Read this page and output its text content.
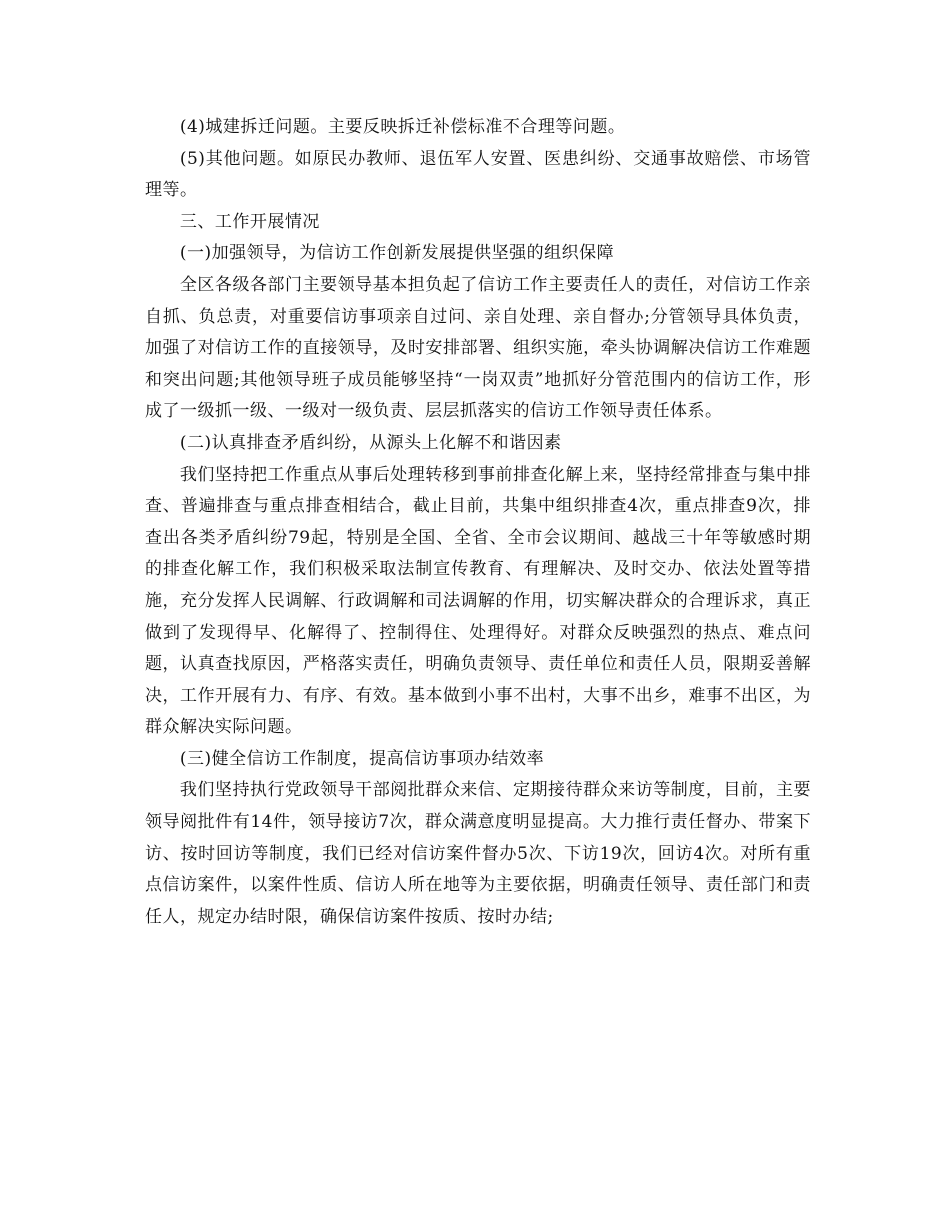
(4)城建拆迁问题。主要反映拆迁补偿标准不合理等问题。

(5)其他问题。如原民办教师、退伍军人安置、医患纠纷、交通事故赔偿、市场管理等。

三、工作开展情况

(一)加强领导，为信访工作创新发展提供坚强的组织保障

全区各级各部门主要领导基本担负起了信访工作主要责任人的责任，对信访工作亲自抓、负总责，对重要信访事项亲自过问、亲自处理、亲自督办;分管领导具体负责，加强了对信访工作的直接领导，及时安排部署、组织实施，牵头协调解决信访工作难题和突出问题;其他领导班子成员能够坚持“一岗双责”地抓好分管范围内的信访工作，形成了一级抓一级、一级对一级负责、层层抓落实的信访工作领导责任体系。

(二)认真排查矛盾纠纷，从源头上化解不和谐因素

我们坚持把工作重点从事后处理转移到事前排查化解上来，坚持经常排查与集中排查、普遍排查与重点排查相结合，截止目前，共集中组织排查4次，重点排查9次，排查出各类矛盾纠纷79起，特别是全国、全省、全市会议期间、越战三十年等敏感时期的排查化解工作，我们积极采取法制宣传教育、有理解决、及时交办、依法处置等措施，充分发挥人民调解、行政调解和司法调解的作用，切实解决群众的合理诉求，真正做到了发现得早、化解得了、控制得住、处理得好。对群众反映强烈的热点、难点问题，认真查找原因，严格落实责任，明确负责领导、责任单位和责任人员，限期妥善解决，工作开展有力、有序、有效。基本做到小事不出村，大事不出乡，难事不出区，为群众解决实际问题。

(三)健全信访工作制度，提高信访事项办结效率

我们坚持执行党政领导干部阅批群众来信、定期接待群众来访等制度，目前，主要领导阅批件有14件，领导接访7次，群众满意度明显提高。大力推行责任督办、带案下访、按时回访等制度，我们已经对信访案件督办5次、下访19次，回访4次。对所有重点信访案件，以案件性质、信访人所在地等为主要依据，明确责任领导、责任部门和责任人，规定办结时限，确保信访案件按质、按时办结;
